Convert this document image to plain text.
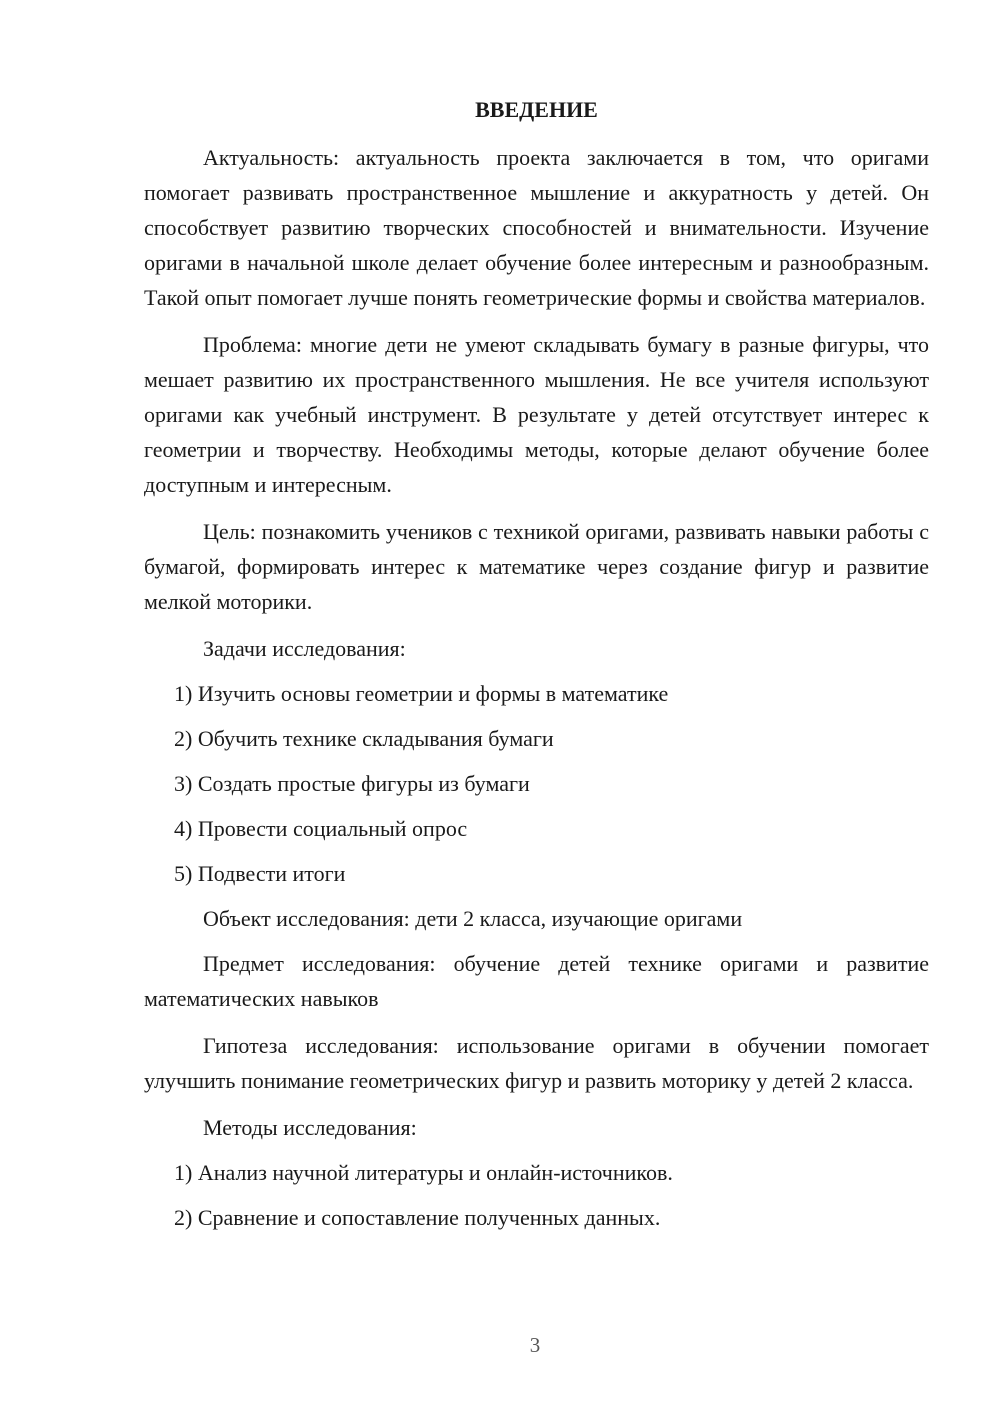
ВВЕДЕНИЕ

Актуальность: актуальность проекта заключается в том, что оригами помогает развивать пространственное мышление и аккуратность у детей. Он способствует развитию творческих способностей и внимательности. Изучение оригами в начальной школе делает обучение более интересным и разнообразным. Такой опыт помогает лучше понять геометрические формы и свойства материалов.

Проблема: многие дети не умеют складывать бумагу в разные фигуры, что мешает развитию их пространственного мышления. Не все учителя используют оригами как учебный инструмент. В результате у детей отсутствует интерес к геометрии и творчеству. Необходимы методы, которые делают обучение более доступным и интересным.

Цель: познакомить учеников с техникой оригами, развивать навыки работы с бумагой, формировать интерес к математике через создание фигур и развитие мелкой моторики.

Задачи исследования:

1) Изучить основы геометрии и формы в математике
2) Обучить технике складывания бумаги
3) Создать простые фигуры из бумаги
4) Провести социальный опрос
5) Подвести итоги

Объект исследования: дети 2 класса, изучающие оригами

Предмет исследования: обучение детей технике оригами и развитие математических навыков

Гипотеза исследования: использование оригами в обучении помогает улучшить понимание геометрических фигур и развить моторику у детей 2 класса.

Методы исследования:

1) Анализ научной литературы и онлайн-источников.
2) Сравнение и сопоставление полученных данных.
3
